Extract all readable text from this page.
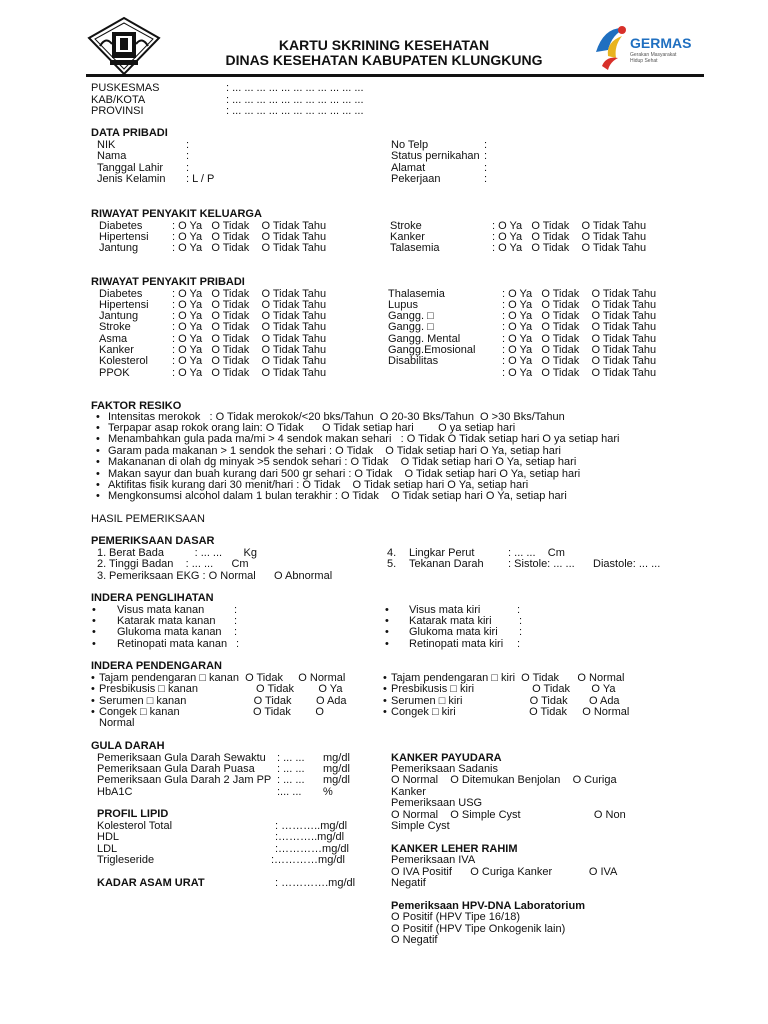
KARTU SKRINING KESEHATAN
DINAS KESEHATAN KABUPATEN KLUNGKUNG
GERMAS
Gerakan Masyarakat
Hidup Sehat
PUSKESMAS	: ... ... ... ... ... ... ... ... ... ... ...
KAB/KOTA	: ... ... ... ... ... ... ... ... ... ... ...
PROVINSI	: ... ... ... ... ... ... ... ... ... ... ...
DATA PRIBADI
NIK	:
Nama	:
Tanggal Lahir :
Jenis Kelamin : L / P
No Telp	:
Status pernikahan :
Alamat	:
Pekerjaan	:
RIWAYAT PENYAKIT KELUARGA
Diabetes	: O Ya   O Tidak    O Tidak Tahu
Hipertensi : O Ya   O Tidak    O Tidak Tahu
Jantung	: O Ya   O Tidak    O Tidak Tahu
Stroke	: O Ya   O Tidak    O Tidak Tahu
Kanker	: O Ya   O Tidak    O Tidak Tahu
Talasemia	: O Ya   O Tidak    O Tidak Tahu
RIWAYAT PENYAKIT PRIBADI
Diabetes	: O Ya   O Tidak    O Tidak Tahu
Hipertensi : O Ya   O Tidak    O Tidak Tahu
Jantung	: O Ya   O Tidak    O Tidak Tahu
Stroke	: O Ya   O Tidak    O Tidak Tahu
Asma	: O Ya   O Tidak    O Tidak Tahu
Kanker	: O Ya   O Tidak    O Tidak Tahu
Kolesterol : O Ya   O Tidak    O Tidak Tahu
PPOK	: O Ya   O Tidak    O Tidak Tahu
Thalasemia	: O Ya   O Tidak    O Tidak Tahu
Lupus	: O Ya   O Tidak    O Tidak Tahu
Gangg. □	: O Ya   O Tidak    O Tidak Tahu
Gangg. □	: O Ya   O Tidak    O Tidak Tahu
Gangg. Mental	: O Ya   O Tidak    O Tidak Tahu
Gangg.Emosional : O Ya   O Tidak    O Tidak Tahu
Disabilitas	: O Ya   O Tidak    O Tidak Tahu
: O Ya   O Tidak    O Tidak Tahu
FAKTOR RESIKO
• Intensitas merokok   : O Tidak merokok/<20 bks/Tahun  O 20-30 Bks/Tahun  O >30 Bks/Tahun
• Terpapar asap rokok orang lain: O Tidak      O Tidak setiap hari        O ya setiap hari
• Menambahkan gula pada ma/mi > 4 sendok makan sehari   : O Tidak O Tidak setiap hari O ya setiap hari
• Garam pada makanan > 1 sendok the sehari : O Tidak    O Tidak setiap hari O Ya, setiap hari
• Makananan di olah dg minyak >5 sendok sehari : O Tidak    O Tidak setiap hari O Ya, setiap hari
• Makan sayur dan buah kurang dari 500 gr sehari : O Tidak    O Tidak setiap hari O Ya, setiap hari
• Aktifitas fisik kurang dari 30 menit/hari : O Tidak    O Tidak setiap hari O Ya, setiap hari
• Mengkonsumsi alcohol dalam 1 bulan terakhir : O Tidak    O Tidak setiap hari O Ya, setiap hari
HASIL PEMERIKSAAN
PEMERIKSAAN DASAR
1. Berat Bada          : ... ...       Kg
2. Tinggi Badan    : ... ...      Cm
3. Pemeriksaan EKG : O Normal      O Abnormal
4. Lingkar Perut           : ... ...    Cm
5. Tekanan Darah        : Sistole: ... ...      Diastole: ... ...
INDERA PENGLIHATAN
• Visus mata kanan	:
• Katarak mata kanan :
• Glukoma mata kanan :
• Retinopati mata kanan :
• Visus mata kiri	:
• Katarak mata kiri :
• Glukoma mata kiri :
• Retinopati mata kiri :
INDERA PENDENGARAN
• Tajam pendengaran □ kanan  O Tidak     O Normal
• Presbikusis □ kanan                   O Tidak        O Ya
• Serumen □ kanan                      O Tidak        O Ada
• Congek □ kanan                        O Tidak        O
Normal
• Tajam pendengaran □ kiri  O Tidak      O Normal
• Presbikusis □ kiri                   O Tidak       O Ya
• Serumen □ kiri                      O Tidak       O Ada
• Congek □ kiri                        O Tidak     O Normal
GULA DARAH
Pemeriksaan Gula Darah Sewaktu : ... ... mg/dl
Pemeriksaan Gula Darah Puasa : ... ... mg/dl
Pemeriksaan Gula Darah 2 Jam PP : ... ... mg/dl
HbA1C	:... ... %
PROFIL LIPID
Kolesterol Total	: ………..mg/dl
HDL	:………..mg/dl
LDL	:…………mg/dl
Trigleseride	:…………mg/dl
KADAR ASAM URAT	: ………….mg/dl
KANKER PAYUDARA
Pemeriksaan Sadanis
O Normal    O Ditemukan Benjolan    O Curiga
Kanker
Pemeriksaan USG
O Normal    O Simple Cyst                        O Non
Simple Cyst
KANKER LEHER RAHIM
Pemeriksaan IVA
O IVA Positif      O Curiga Kanker            O IVA
Negatif
Pemeriksaan HPV-DNA Laboratorium
O Positif (HPV Tipe 16/18)
O Positif (HPV Tipe Onkogenik lain)
O Negatif
